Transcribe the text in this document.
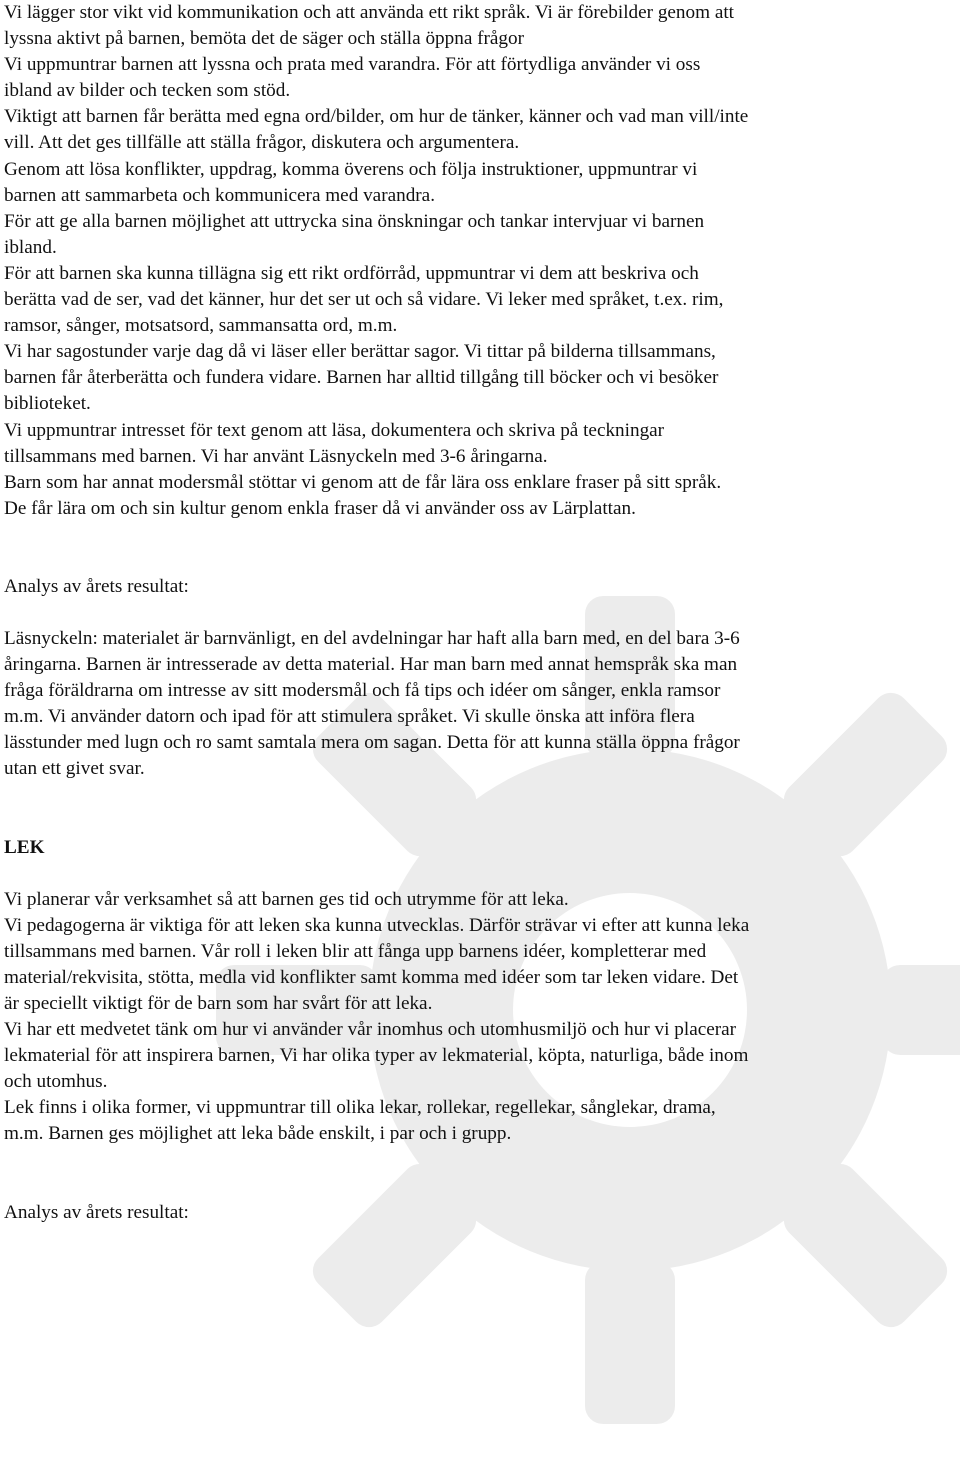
Vi lägger stor vikt vid kommunikation och att använda ett rikt språk. Vi är förebilder genom att
lyssna aktivt på barnen, bemöta det de säger och ställa öppna frågor
Vi uppmuntrar barnen att lyssna och prata med varandra. För att förtydliga använder vi oss
ibland av bilder och tecken som stöd.
Viktigt att barnen får berätta med egna ord/bilder, om hur de tänker, känner och vad man vill/inte
vill. Att det ges tillfälle att ställa frågor, diskutera och argumentera.
Genom att lösa konflikter, uppdrag, komma överens och följa instruktioner, uppmuntrar vi
barnen att sammarbeta och kommunicera med varandra.
För att ge alla barnen möjlighet att uttrycka sina önskningar och tankar intervjuar vi barnen
ibland.
För att barnen ska kunna tillägna sig ett rikt ordförråd, uppmuntrar vi dem att beskriva och
berätta vad de ser, vad det känner, hur det ser ut och så vidare. Vi leker med språket, t.ex. rim,
ramsor, sånger, motsatsord, sammansatta ord, m.m.
Vi har sagostunder varje dag då vi läser eller berättar sagor. Vi tittar på bilderna tillsammans,
barnen får återberätta och fundera vidare. Barnen har alltid tillgång till böcker och vi besöker
biblioteket.
Vi uppmuntrar intresset för text genom att läsa, dokumentera och skriva på teckningar
tillsammans med barnen. Vi har använt Läsnyckeln med 3-6 åringarna.
Barn som har annat modersmål stöttar vi genom att de får lära oss enklare fraser på sitt språk.
De får lära om och sin kultur genom enkla fraser då vi använder oss av Lärplattan.
Analys av årets resultat:
Läsnyckeln: materialet är barnvänligt, en del avdelningar har haft alla barn med, en del bara 3-6
åringarna. Barnen är intresserade av detta material. Har man barn med annat hemspråk ska man
fråga föräldrarna om intresse av sitt modersmål och få tips och idéer om sånger, enkla ramsor
m.m. Vi använder datorn och ipad för att stimulera språket. Vi skulle önska att införa flera
lässtunder med lugn och ro samt samtala mera om sagan. Detta för att kunna ställa öppna frågor
utan ett givet svar.
LEK
Vi planerar vår verksamhet så att barnen ges tid och utrymme för att leka.
Vi pedagogerna är viktiga för att leken ska kunna utvecklas. Därför strävar vi efter att kunna leka
tillsammans med barnen. Vår roll i leken blir att fånga upp barnens idéer, kompletterar med
material/rekvisita, stötta, medla vid konflikter samt komma med idéer som tar leken vidare. Det
är speciellt viktigt för de barn som har svårt för att leka.
Vi har ett medvetet tänk om hur vi använder vår inomhus och utomhusmiljö och hur vi placerar
lekmaterial för att inspirera barnen, Vi har olika typer av lekmaterial, köpta, naturliga, både inom
och utomhus.
Lek finns i olika former, vi uppmuntrar till olika lekar, rollekar, regellekar, sånglekar, drama,
m.m. Barnen ges möjlighet att leka både enskilt, i par och i grupp.
Analys av årets resultat:
